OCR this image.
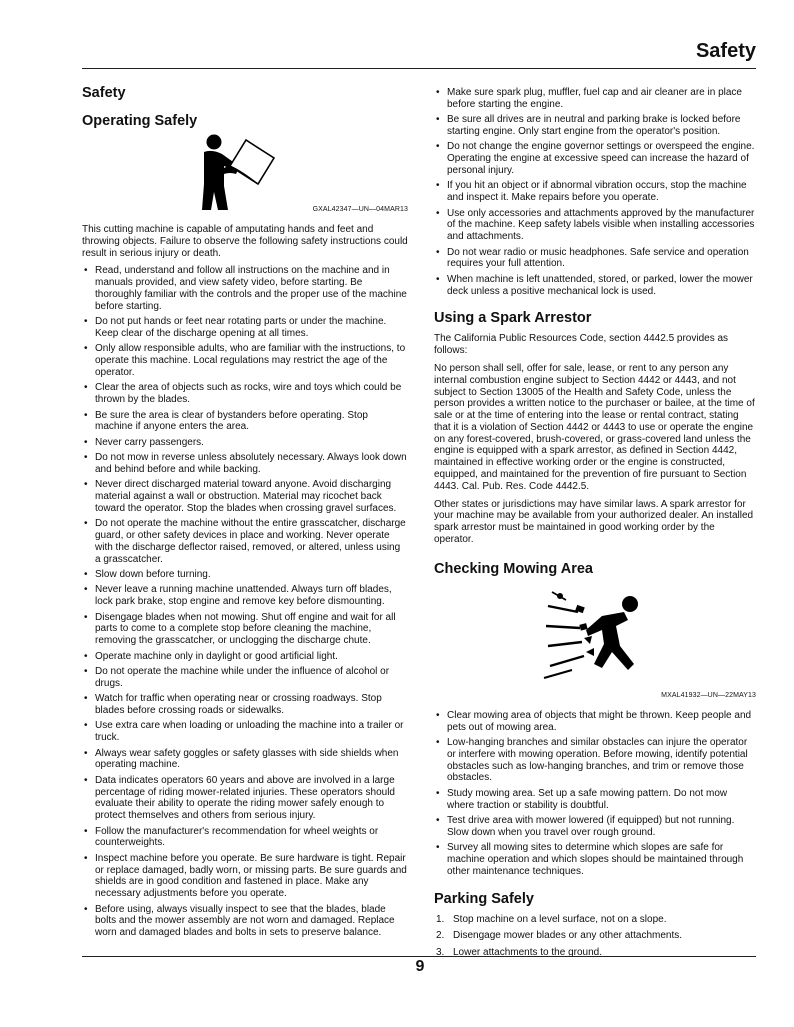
Safety
Safety
Operating Safely
GXAL42347—UN—04MAR13

This cutting machine is capable of amputating hands and feet and throwing objects. Failure to observe the following safety instructions could result in serious injury or death.

• Read, understand and follow all instructions on the machine and in manuals provided, and view safety video, before starting. Be thoroughly familiar with the controls and the proper use of the machine before starting.
• Do not put hands or feet near rotating parts or under the machine. Keep clear of the discharge opening at all times.
• Only allow responsible adults, who are familiar with the instructions, to operate this machine. Local regulations may restrict the age of the operator.
• Clear the area of objects such as rocks, wire and toys which could be thrown by the blades.
• Be sure the area is clear of bystanders before operating. Stop machine if anyone enters the area.
• Never carry passengers.
• Do not mow in reverse unless absolutely necessary. Always look down and behind before and while backing.
• Never direct discharged material toward anyone. Avoid discharging material against a wall or obstruction. Material may ricochet back toward the operator. Stop the blades when crossing gravel surfaces.
• Do not operate the machine without the entire grasscatcher, discharge guard, or other safety devices in place and working. Never operate with the discharge deflector raised, removed, or altered, unless using a grasscatcher.
• Slow down before turning.
• Never leave a running machine unattended. Always turn off blades, lock park brake, stop engine and remove key before dismounting.
• Disengage blades when not mowing. Shut off engine and wait for all parts to come to a complete stop before cleaning the machine, removing the grasscatcher, or unclogging the discharge chute.
• Operate machine only in daylight or good artificial light.
• Do not operate the machine while under the influence of alcohol or drugs.
• Watch for traffic when operating near or crossing roadways. Stop blades before crossing roads or sidewalks.
• Use extra care when loading or unloading the machine into a trailer or truck.
• Always wear safety goggles or safety glasses with side shields when operating machine.
• Data indicates operators 60 years and above are involved in a large percentage of riding mower-related injuries. These operators should evaluate their ability to operate the riding mower safely enough to protect themselves and others from serious injury.
• Follow the manufacturer's recommendation for wheel weights or counterweights.
• Inspect machine before you operate. Be sure hardware is tight. Repair or replace damaged, badly worn, or missing parts. Be sure guards and shields are in good condition and fastened in place. Make any necessary adjustments before you operate.
• Before using, always visually inspect to see that the blades, blade bolts and the mower assembly are not worn and damaged. Replace worn and damaged blades and bolts in sets to preserve balance.
• Make sure spark plug, muffler, fuel cap and air cleaner are in place before starting the engine.
• Be sure all drives are in neutral and parking brake is locked before starting engine. Only start engine from the operator's position.
• Do not change the engine governor settings or overspeed the engine. Operating the engine at excessive speed can increase the hazard of personal injury.
• If you hit an object or if abnormal vibration occurs, stop the machine and inspect it. Make repairs before you operate.
• Use only accessories and attachments approved by the manufacturer of the machine. Keep safety labels visible when installing accessories and attachments.
• Do not wear radio or music headphones. Safe service and operation requires your full attention.
• When machine is left unattended, stored, or parked, lower the mower deck unless a positive mechanical lock is used.
Using a Spark Arrestor

The California Public Resources Code, section 4442.5 provides as follows:

No person shall sell, offer for sale, lease, or rent to any person any internal combustion engine subject to Section 4442 or 4443, and not subject to Section 13005 of the Health and Safety Code, unless the person provides a written notice to the purchaser or bailee, at the time of sale or at the time of entering into the lease or rental contract, stating that it is a violation of Section 4442 or 4443 to use or operate the engine on any forest-covered, brush-covered, or grass-covered land unless the engine is equipped with a spark arrestor, as defined in Section 4442, maintained in effective working order or the engine is constructed, equipped, and maintained for the prevention of fire pursuant to Section 4443. Cal. Pub. Res. Code 4442.5.

Other states or jurisdictions may have similar laws. A spark arrestor for your machine may be available from your authorized dealer. An installed spark arrestor must be maintained in good working order by the operator.

Checking Mowing Area
MXAL41932—UN—22MAY13
• Clear mowing area of objects that might be thrown. Keep people and pets out of mowing area.
• Low-hanging branches and similar obstacles can injure the operator or interfere with mowing operation. Before mowing, identify potential obstacles such as low-hanging branches, and trim or remove those obstacles.
• Study mowing area. Set up a safe mowing pattern. Do not mow where traction or stability is doubtful.
• Test drive area with mower lowered (if equipped) but not running. Slow down when you travel over rough ground.
• Survey all mowing sites to determine which slopes are safe for machine operation and which slopes should be maintained through other maintenance techniques.
Parking Safely
1. Stop machine on a level surface, not on a slope.
2. Disengage mower blades or any other attachments.
3. Lower attachments to the ground.
9
